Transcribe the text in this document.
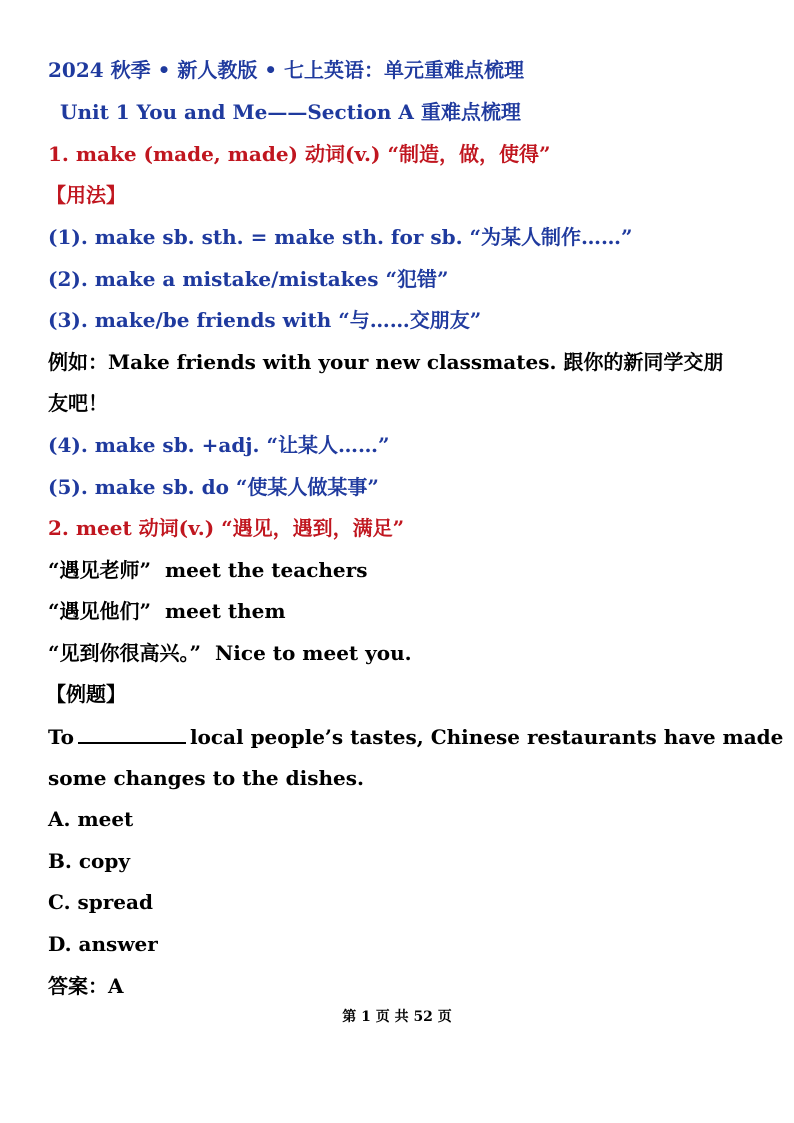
2024 秋季 • 新人教版 • 七上英语：单元重难点梳理
Unit 1 You and Me——Section A 重难点梳理
1. make (made, made) 动词(v.) “制造，做，使得”
【用法】
(1). make sb. sth. = make sth. for sb. “为某人制作……”
(2). make a mistake/mistakes “犯错”
(3). make/be friends with “与……交朋友”
例如：Make friends with your new classmates. 跟你的新同学交朋
友吧！
(4). make sb. +adj. “让某人……”
(5). make sb. do “使某人做某事”
2. meet 动词(v.) “遇见，遇到，满足”
“遇见老师” meet the teachers
“遇见他们” meet them
“见到你很高兴。” Nice to meet you.
【例题】
To	local people’s tastes, Chinese restaurants have made
some changes to the dishes.
A. meet
B. copy
C. spread
D. answer
答案：A
第 1 页 共 52 页
